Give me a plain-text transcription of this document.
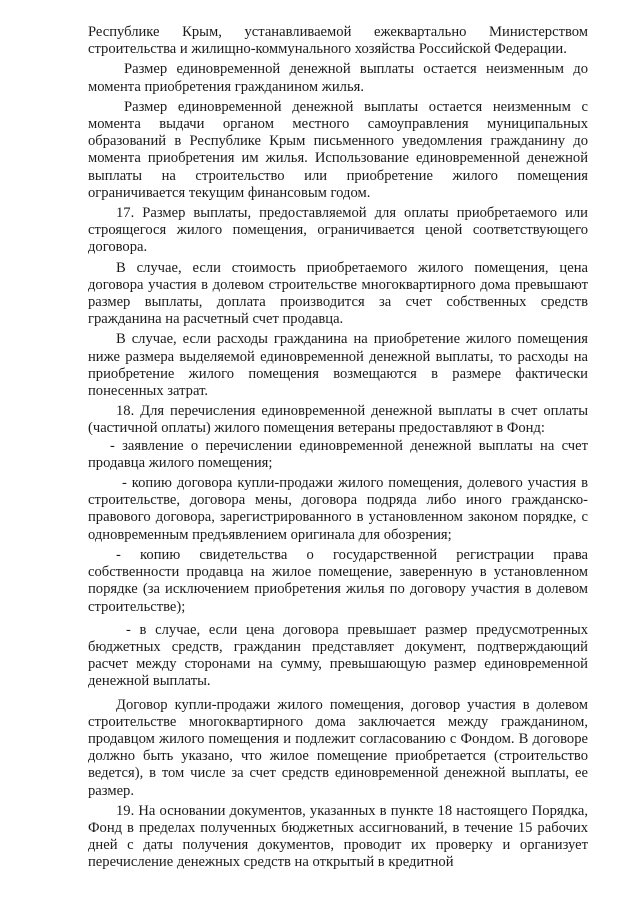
Республике Крым, устанавливаемой ежеквартально Министерством строительства и жилищно-коммунального хозяйства Российской Федерации.

Размер единовременной денежной выплаты остается неизменным до момента приобретения гражданином жилья.

Размер единовременной денежной выплаты остается неизменным с момента выдачи органом местного самоуправления муниципальных образований в Республике Крым письменного уведомления гражданину до момента приобретения им жилья. Использование единовременной денежной выплаты на строительство или приобретение жилого помещения ограничивается текущим финансовым годом.

17. Размер выплаты, предоставляемой для оплаты приобретаемого или строящегося жилого помещения, ограничивается ценой соответствующего договора.

В случае, если стоимость приобретаемого жилого помещения, цена договора участия в долевом строительстве многоквартирного дома превышают размер выплаты, доплата производится за счет собственных средств гражданина на расчетный счет продавца.

В случае, если расходы гражданина на приобретение жилого помещения ниже размера выделяемой единовременной денежной выплаты, то расходы на приобретение жилого помещения возмещаются в размере фактически понесенных затрат.

18. Для перечисления единовременной денежной выплаты в счет оплаты (частичной оплаты) жилого помещения ветераны предоставляют в Фонд:

- заявление о перечислении единовременной денежной выплаты на счет продавца жилого помещения;

- копию договора купли-продажи жилого помещения, долевого участия в строительстве, договора мены, договора подряда либо иного гражданско-правового договора, зарегистрированного в установленном законом порядке, с одновременным предъявлением оригинала для обозрения;

- копию свидетельства о государственной регистрации права собственности продавца на жилое помещение, заверенную в установленном порядке (за исключением приобретения жилья по договору участия в долевом строительстве);

- в случае, если цена договора превышает размер предусмотренных бюджетных средств, гражданин представляет документ, подтверждающий расчет между сторонами на сумму, превышающую размер единовременной денежной выплаты.

Договор купли-продажи жилого помещения, договор участия в долевом строительстве многоквартирного дома заключается между гражданином, продавцом жилого помещения и подлежит согласованию с Фондом. В договоре должно быть указано, что жилое помещение приобретается (строительство ведется), в том числе за счет средств единовременной денежной выплаты, ее размер.

19. На основании документов, указанных в пункте 18 настоящего Порядка, Фонд в пределах полученных бюджетных ассигнований, в течение 15 рабочих дней с даты получения документов, проводит их проверку и организует перечисление денежных средств на открытый в кредитной
